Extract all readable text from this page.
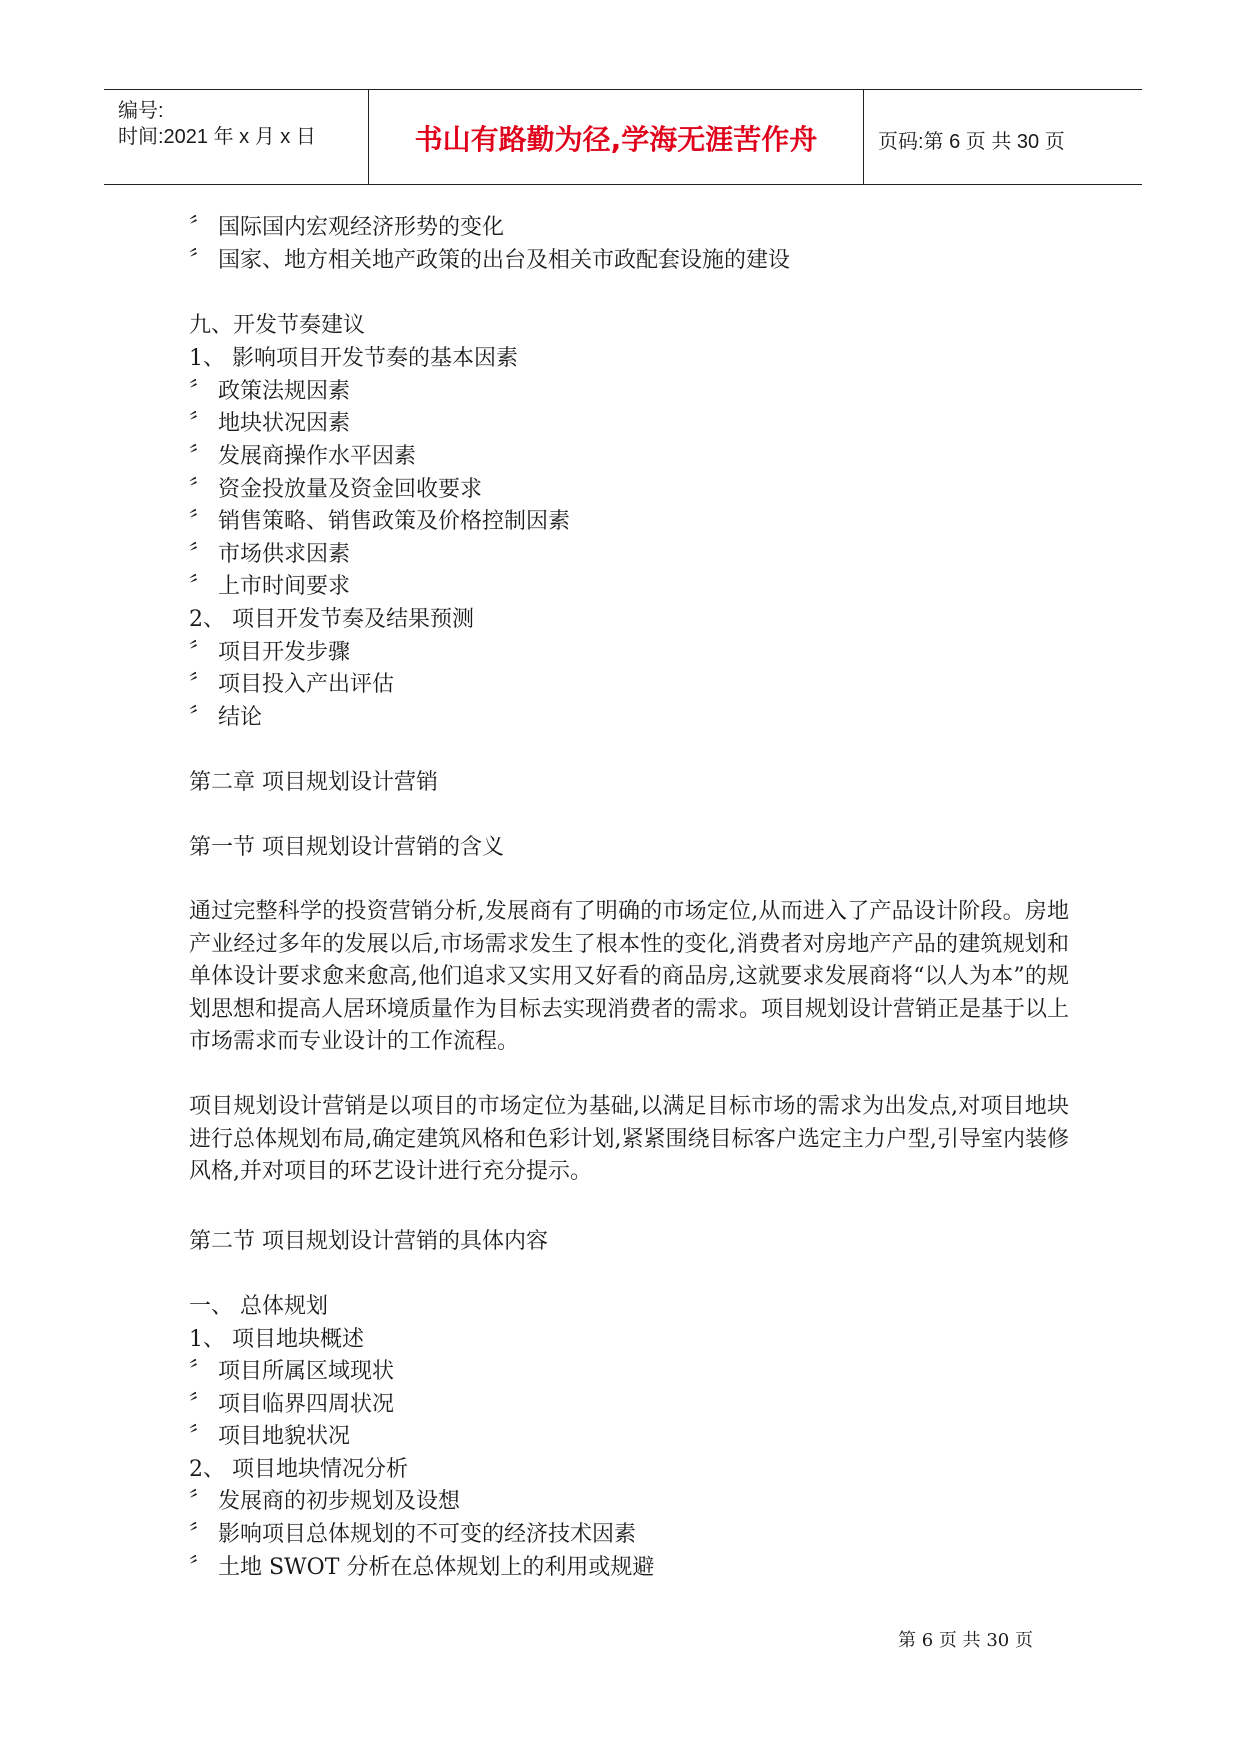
编号:
时间:2021 年 x 月 x 日	书山有路勤为径,学海无涯苦作舟	页码:第 6 页 共 30 页
〞 国际国内宏观经济形势的变化
〞 国家、地方相关地产政策的出台及相关市政配套设施的建设
九、开发节奏建议
1、 影响项目开发节奏的基本因素
〞 政策法规因素
〞 地块状况因素
〞 发展商操作水平因素
〞 资金投放量及资金回收要求
〞 销售策略、销售政策及价格控制因素
〞 市场供求因素
〞 上市时间要求
2、 项目开发节奏及结果预测
〞 项目开发步骤
〞 项目投入产出评估
〞 结论
第二章 项目规划设计营销
第一节 项目规划设计营销的含义
通过完整科学的投资营销分析,发展商有了明确的市场定位,从而进入了产品设计阶段。房地产业经过多年的发展以后,市场需求发生了根本性的变化,消费者对房地产产品的建筑规划和单体设计要求愈来愈高,他们追求又实用又好看的商品房,这就要求发展商将“以人为本”的规划思想和提高人居环境质量作为目标去实现消费者的需求。项目规划设计营销正是基于以上市场需求而专业设计的工作流程。
项目规划设计营销是以项目的市场定位为基础,以满足目标市场的需求为出发点,对项目地块进行总体规划布局,确定建筑风格和色彩计划,紧紧围绕目标客户选定主力户型,引导室内装修风格,并对项目的环艺设计进行充分提示。
第二节 项目规划设计营销的具体内容
一、 总体规划
1、 项目地块概述
〞 项目所属区域现状
〞 项目临界四周状况
〞 项目地貌状况
2、 项目地块情况分析
〞 发展商的初步规划及设想
〞 影响项目总体规划的不可变的经济技术因素
〞 土地 SWOT 分析在总体规划上的利用或规避
第 6 页 共 30 页
